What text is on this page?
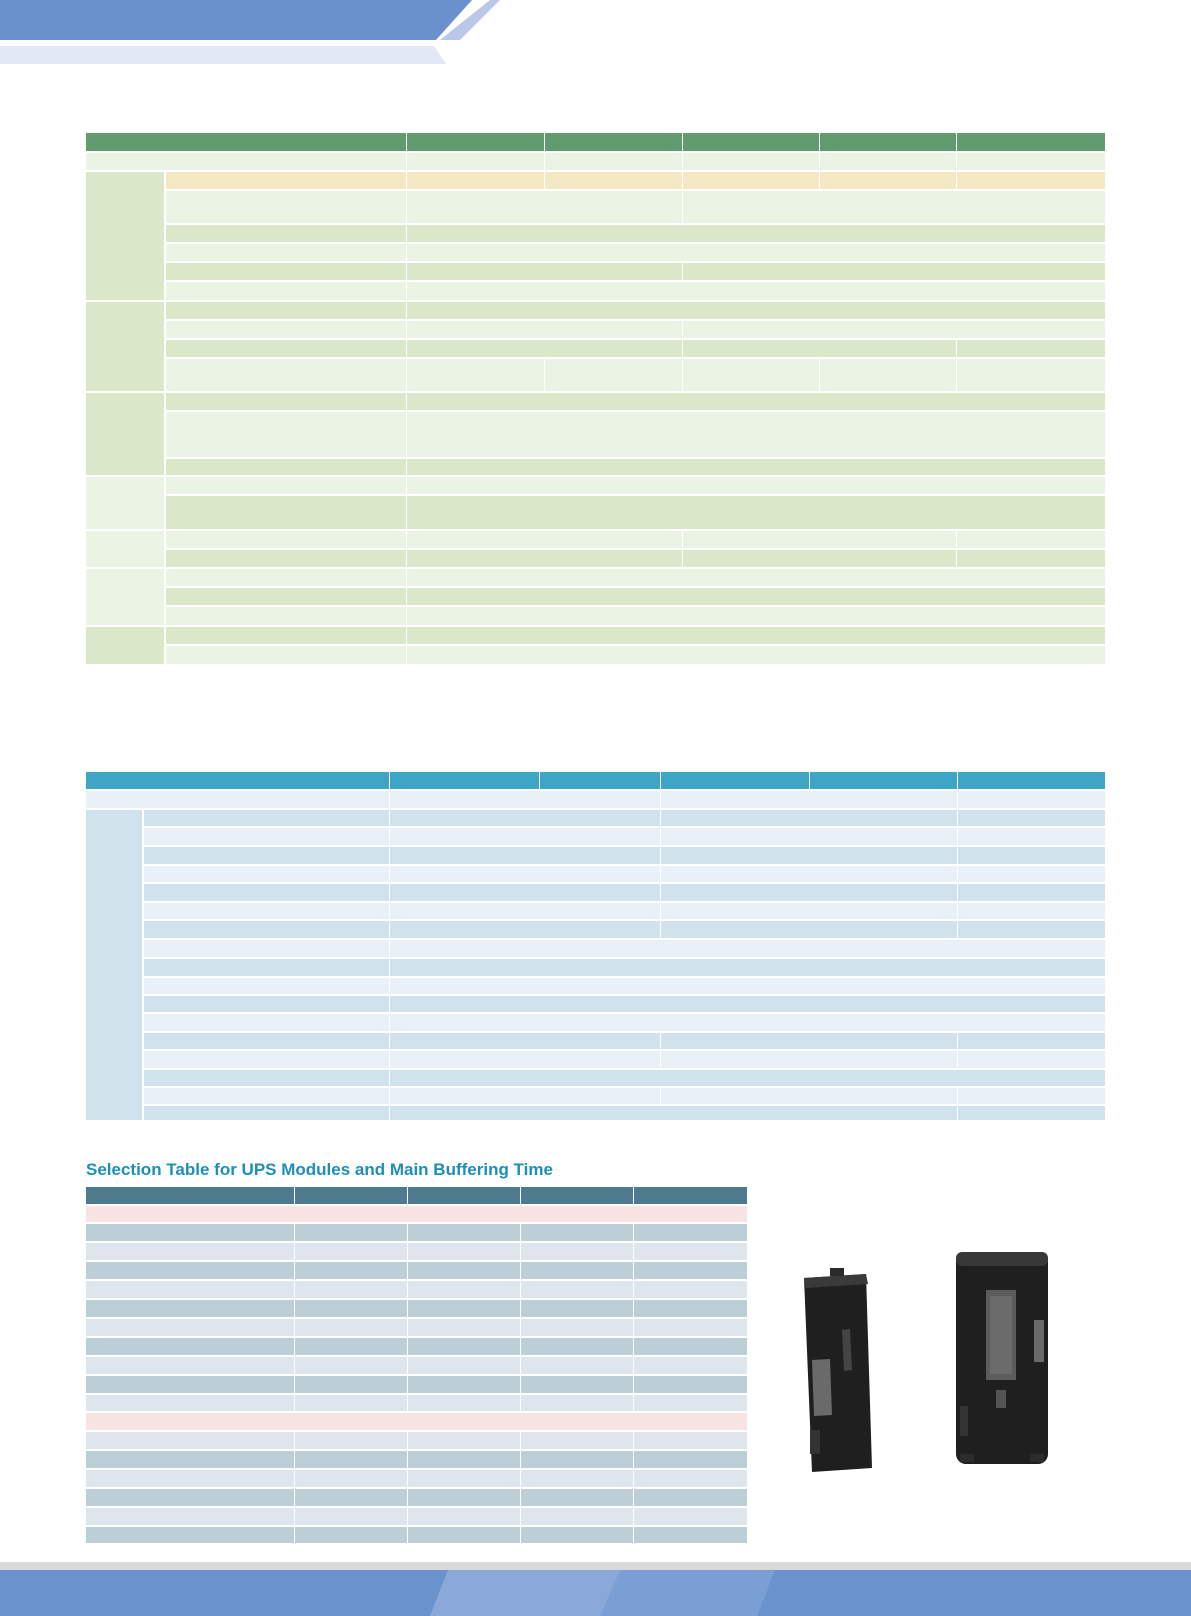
Selection Table for UPS Modules and Main Buffering Time
